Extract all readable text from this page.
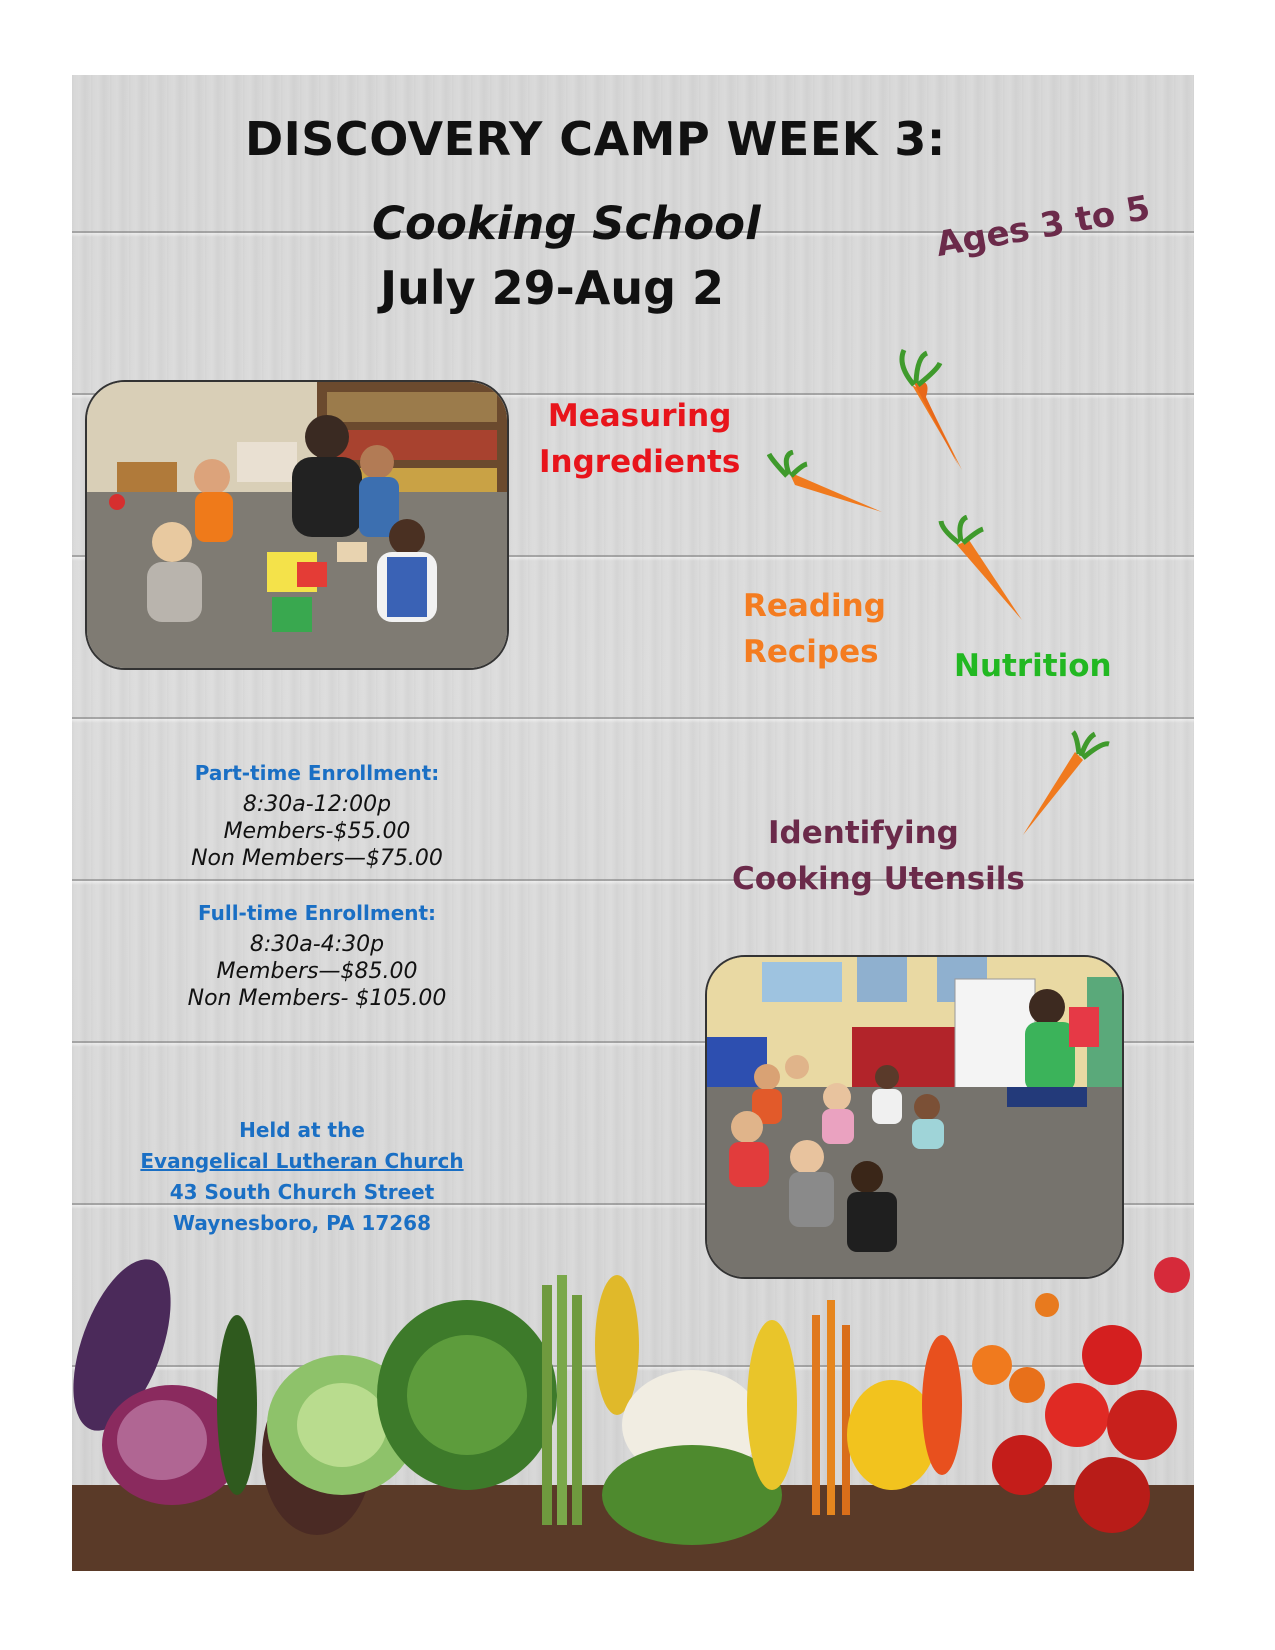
DISCOVERY CAMP WEEK 3:
Cooking School
July 29-Aug 2
Ages 3 to 5
Measuring
Ingredients
Reading
Recipes Nutrition
Identifying
Cooking Utensils
Part-time Enrollment:
8:30a-12:00p
Members-$55.00
Non Members—$75.00
Full-time Enrollment:
8:30a-4:30p
Members—$85.00
Non Members- $105.00
Held at the
Evangelical Lutheran Church
43 South Church Street
Waynesboro, PA 17268
